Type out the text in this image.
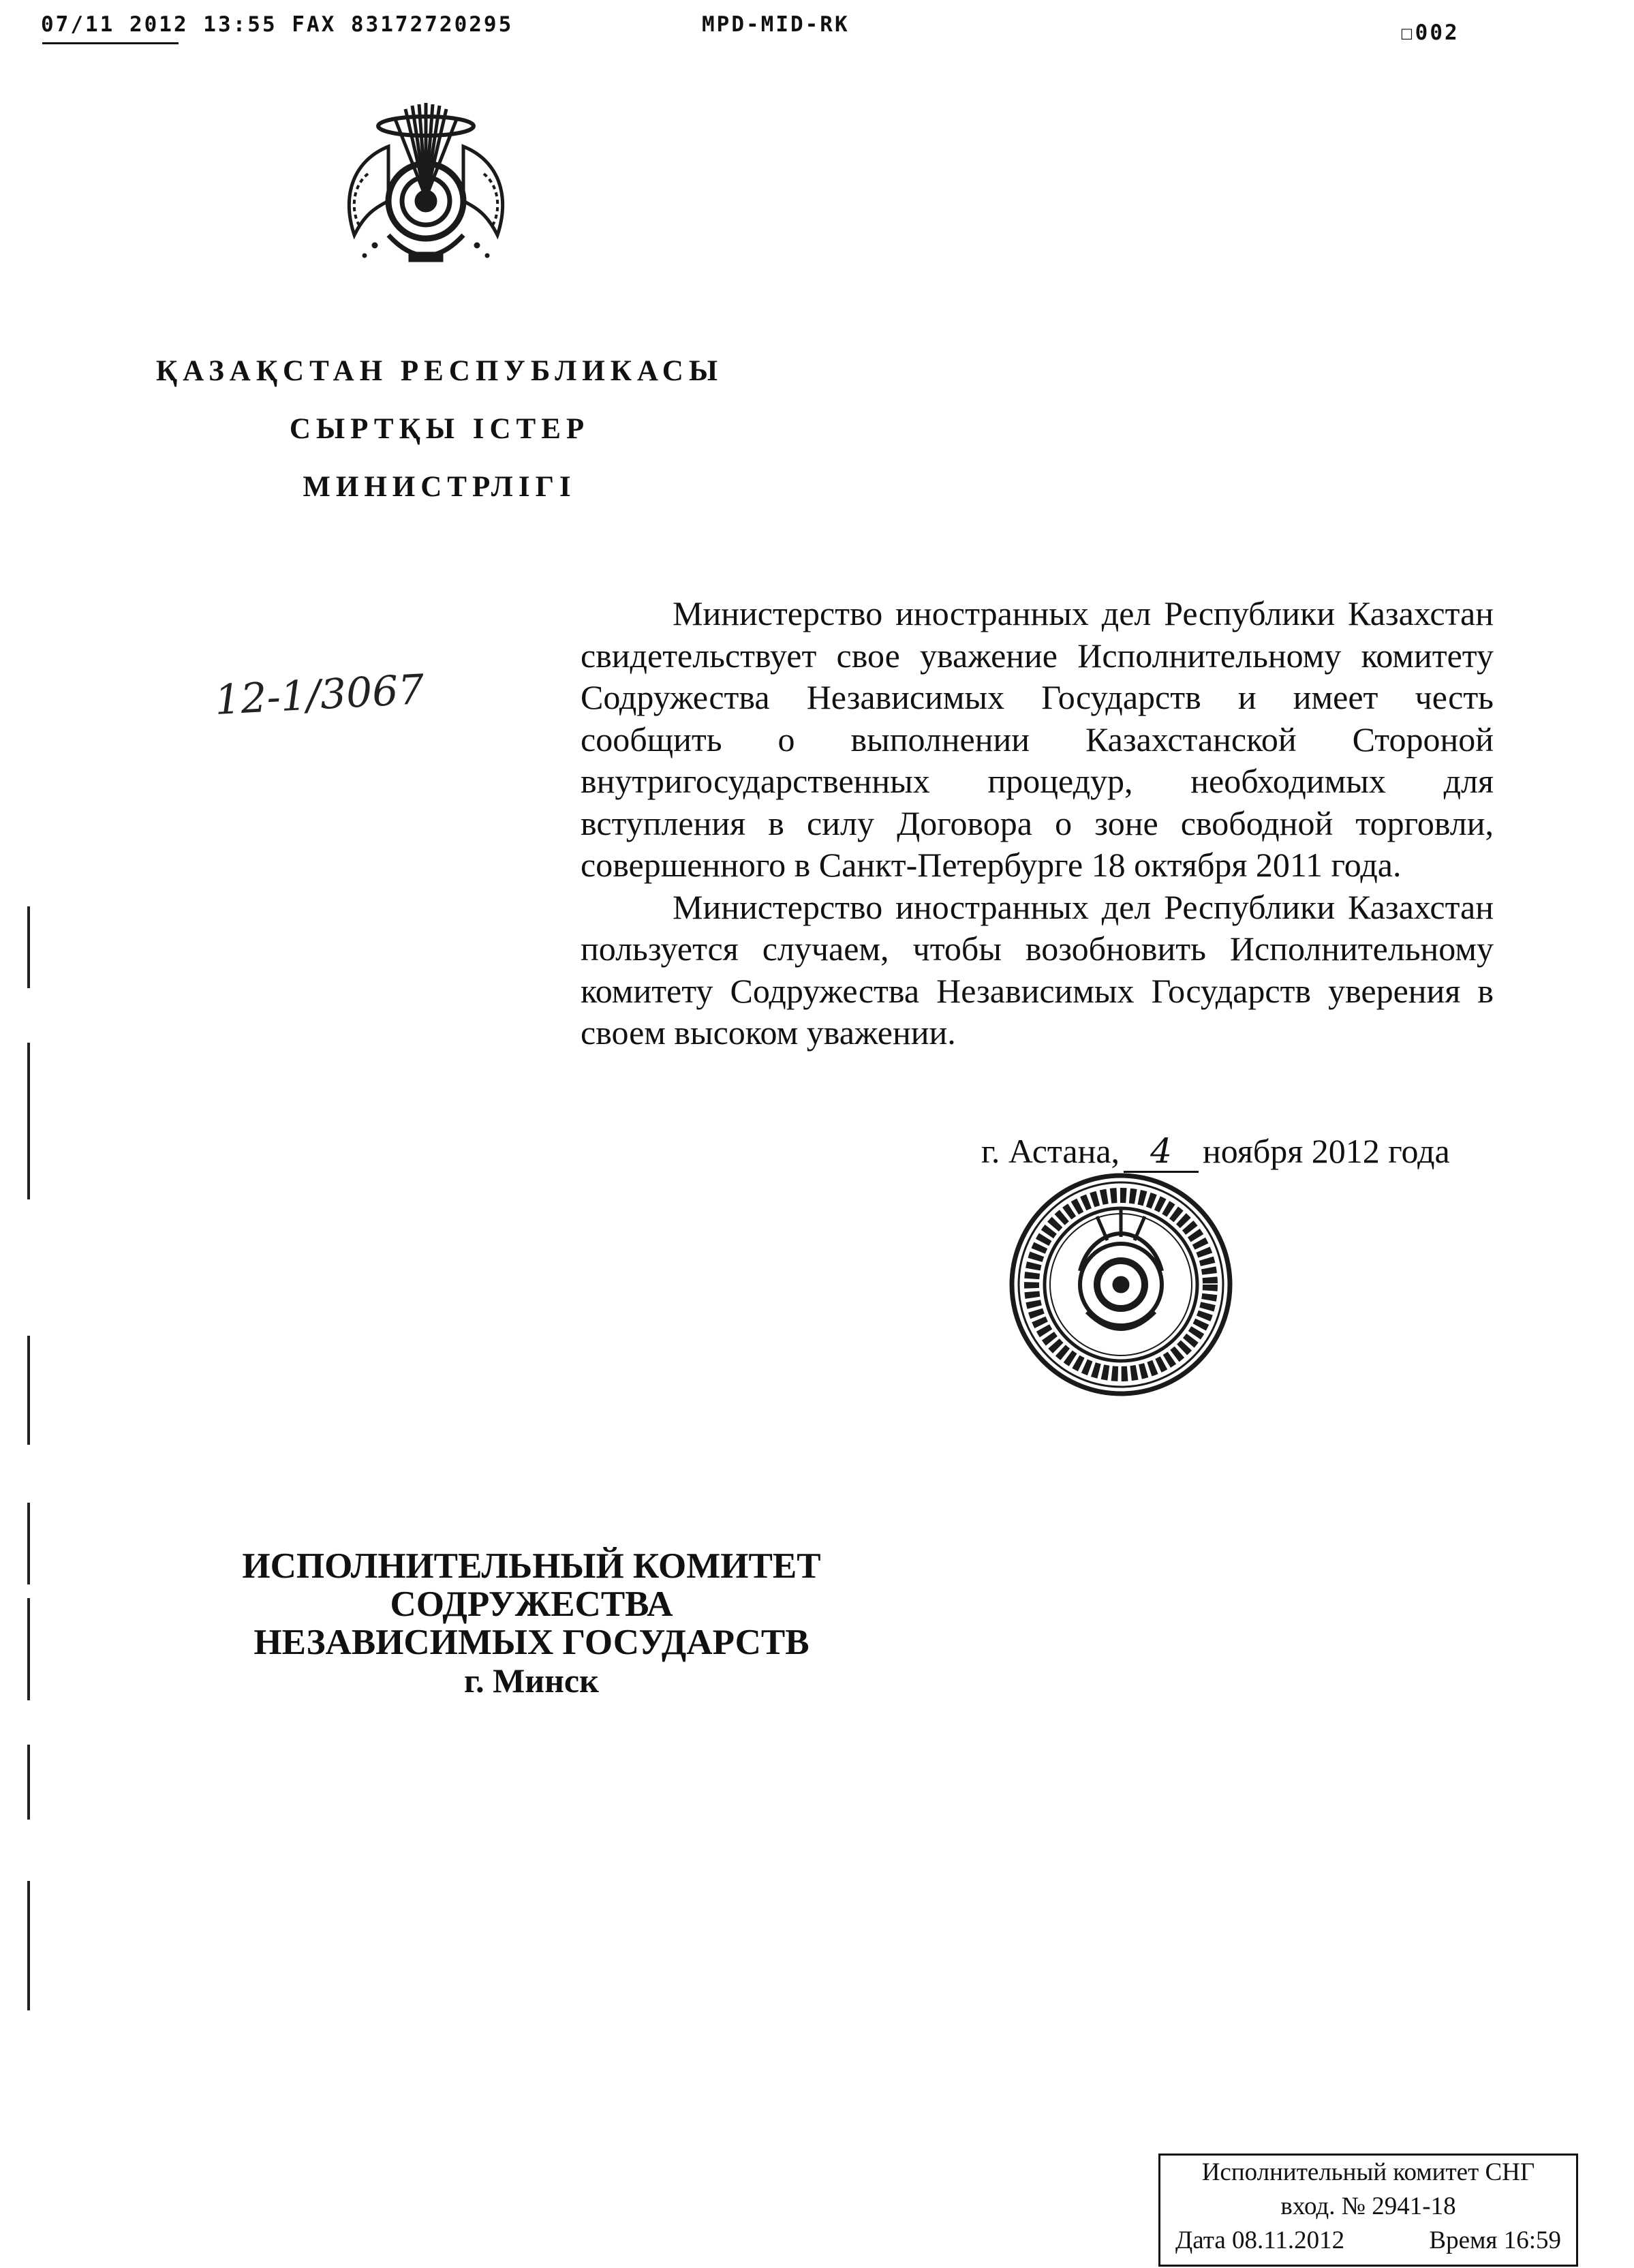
07/11 2012 13:55 FAX 83172720295	MPD-MID-RK	☐002
ҚАЗАҚСТАН РЕСПУБЛИКАСЫ
СЫРТҚЫ ІСТЕР
МИНИСТРЛІГІ
12-1/3067

Министерство иностранных дел Республики Казахстан свидетельствует свое уважение Исполнительному комитету Содружества Независимых Государств и имеет честь сообщить о выполнении Казахстанской Стороной внутригосударственных процедур, необходимых для вступления в силу Договора о зоне свободной торговли, совершенного в Санкт-Петербурге 18 октября 2011 года.

Министерство иностранных дел Республики Казахстан пользуется случаем, чтобы возобновить Исполнительному комитету Содружества Независимых Государств уверения в своем высоком уважении.

г. Астана, 4 ноября 2012 года
ИСПОЛНИТЕЛЬНЫЙ КОМИТЕТ
СОДРУЖЕСТВА
НЕЗАВИСИМЫХ ГОСУДАРСТВ
г. Минск
Исполнительный комитет СНГ
вход. № 2941-18
Дата 08.11.2012	Время 16:59
